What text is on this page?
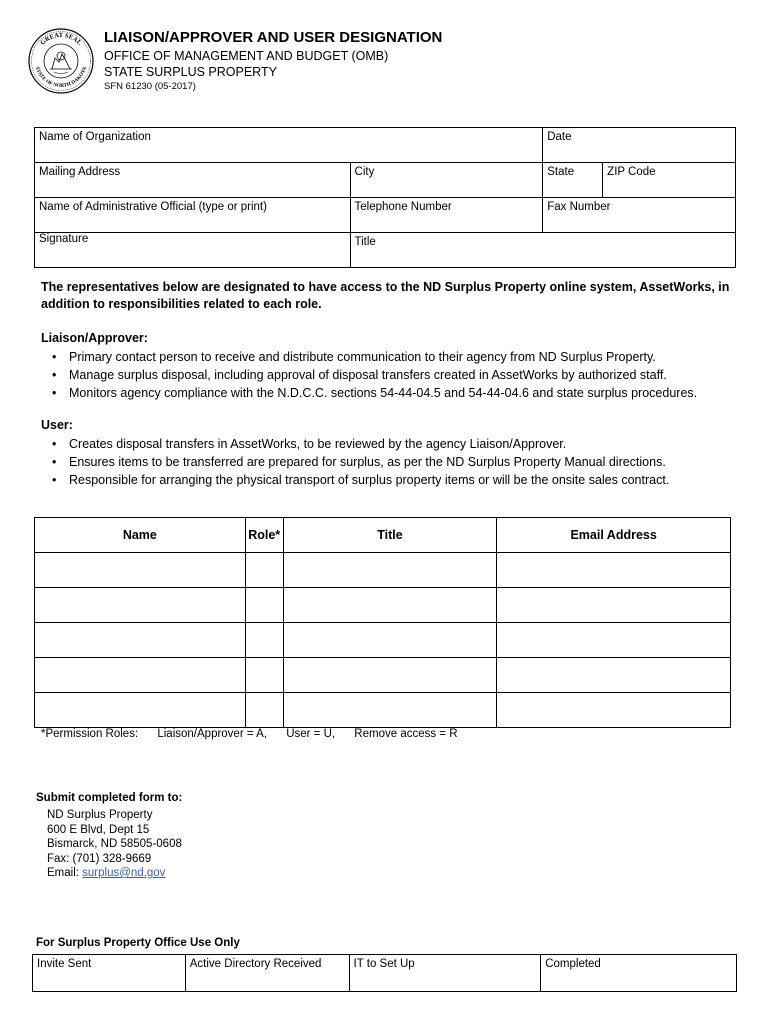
GREAT SEAL
STATE OF NORTH DAKOTA
LIAISON/APPROVER AND USER DESIGNATION
OFFICE OF MANAGEMENT AND BUDGET (OMB)
STATE SURPLUS PROPERTY
SFN 61230 (05-2017)
Name of Organization		Date	
Mailing Address	City	State	ZIP Code
Name of Administrative Official (type or print)	Telephone Number	Fax Number	
Signature	Title		
The representatives below are designated to have access to the ND Surplus Property online system, AssetWorks, in addition to responsibilities related to each role.
Liaison/Approver:
• Primary contact person to receive and distribute communication to their agency from ND Surplus Property.
• Manage surplus disposal, including approval of disposal transfers created in AssetWorks by authorized staff.
• Monitors agency compliance with the N.D.C.C. sections 54-44-04.5 and 54-44-04.6 and state surplus procedures.
User:
• Creates disposal transfers in AssetWorks, to be reviewed by the agency Liaison/Approver.
• Ensures items to be transferred are prepared for surplus, as per the ND Surplus Property Manual directions.
• Responsible for arranging the physical transport of surplus property items or will be the onsite sales contract.
Name	Role*	Title	Email Address

*Permission Roles: Liaison/Approver = A, User = U, Remove access = R
Submit completed form to:
ND Surplus Property
600 E Blvd, Dept 15
Bismarck, ND 58505-0608
Fax: (701) 328-9669
Email: surplus@nd.gov
For Surplus Property Office Use Only
Invite Sent	Active Directory Received	IT to Set Up	Completed
